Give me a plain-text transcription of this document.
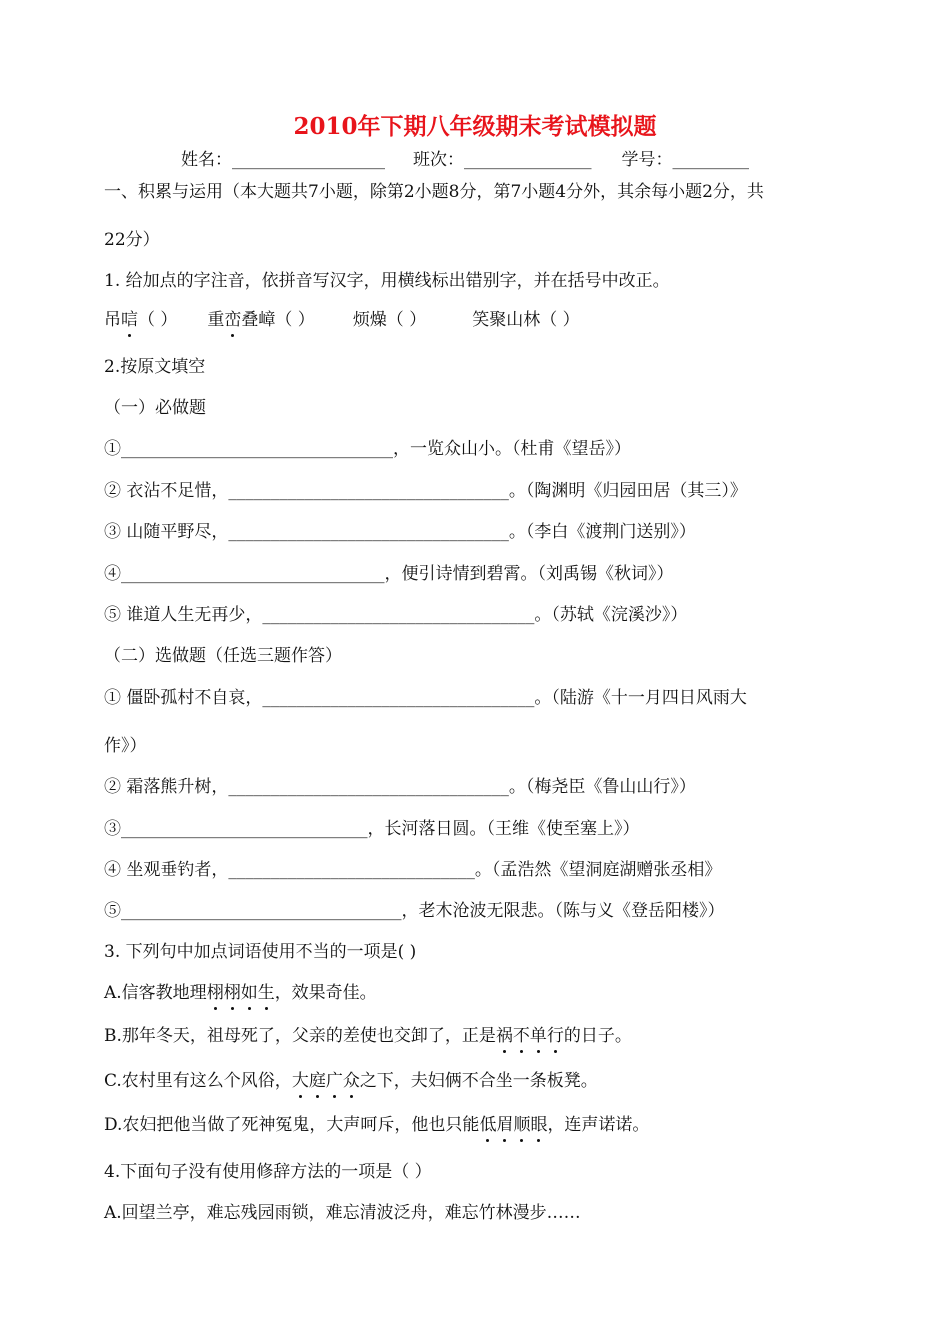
2010年下期八年级期末考试模拟题
姓名：__________________ 班次：_______________ 学号：_________
一、积累与运用（本大题共7小题，除第2小题8分，第7小题4分外，其余每小题2分，共
22分）
1. 给加点的字注音，依拼音写汉字，用横线标出错别字，并在括号中改正。
吊唁（ ） 重峦叠嶂（ ） 烦燥（ ）	笑聚山林（ ）
2.按原文填空
（一）必做题
①________________________________，一览众山小。（杜甫《望岳》）
② 衣沾不足惜，_________________________________。（陶渊明《归园田居（其三）》
③ 山随平野尽，_________________________________。（李白《渡荆门送别》）
④_______________________________，便引诗情到碧霄。（刘禹锡《秋词》）
⑤ 谁道人生无再少，________________________________。（苏轼《浣溪沙》）
（二）选做题（任选三题作答）
① 僵卧孤村不自哀，________________________________。（陆游《十一月四日风雨大
作》）
② 霜落熊升树，_________________________________。（梅尧臣《鲁山山行》）
③_____________________________，长河落日圆。（王维《使至塞上》）
④ 坐观垂钓者，_____________________________。（孟浩然《望洞庭湖赠张丞相》
⑤_________________________________，老木沧波无限悲。（陈与义《登岳阳楼》）
3. 下列句中加点词语使用不当的一项是( )
A.信客教地理栩栩如生，效果奇佳。
B.那年冬天，祖母死了，父亲的差使也交卸了，正是祸不单行的日子。
C.农村里有这么个风俗，大庭广众之下，夫妇俩不合坐一条板凳。
D.农妇把他当做了死神冤鬼，大声呵斥，他也只能低眉顺眼，连声诺诺。
4.下面句子没有使用修辞方法的一项是（ ）
A.回望兰亭，难忘残园雨锁，难忘清波泛舟，难忘竹林漫步……
